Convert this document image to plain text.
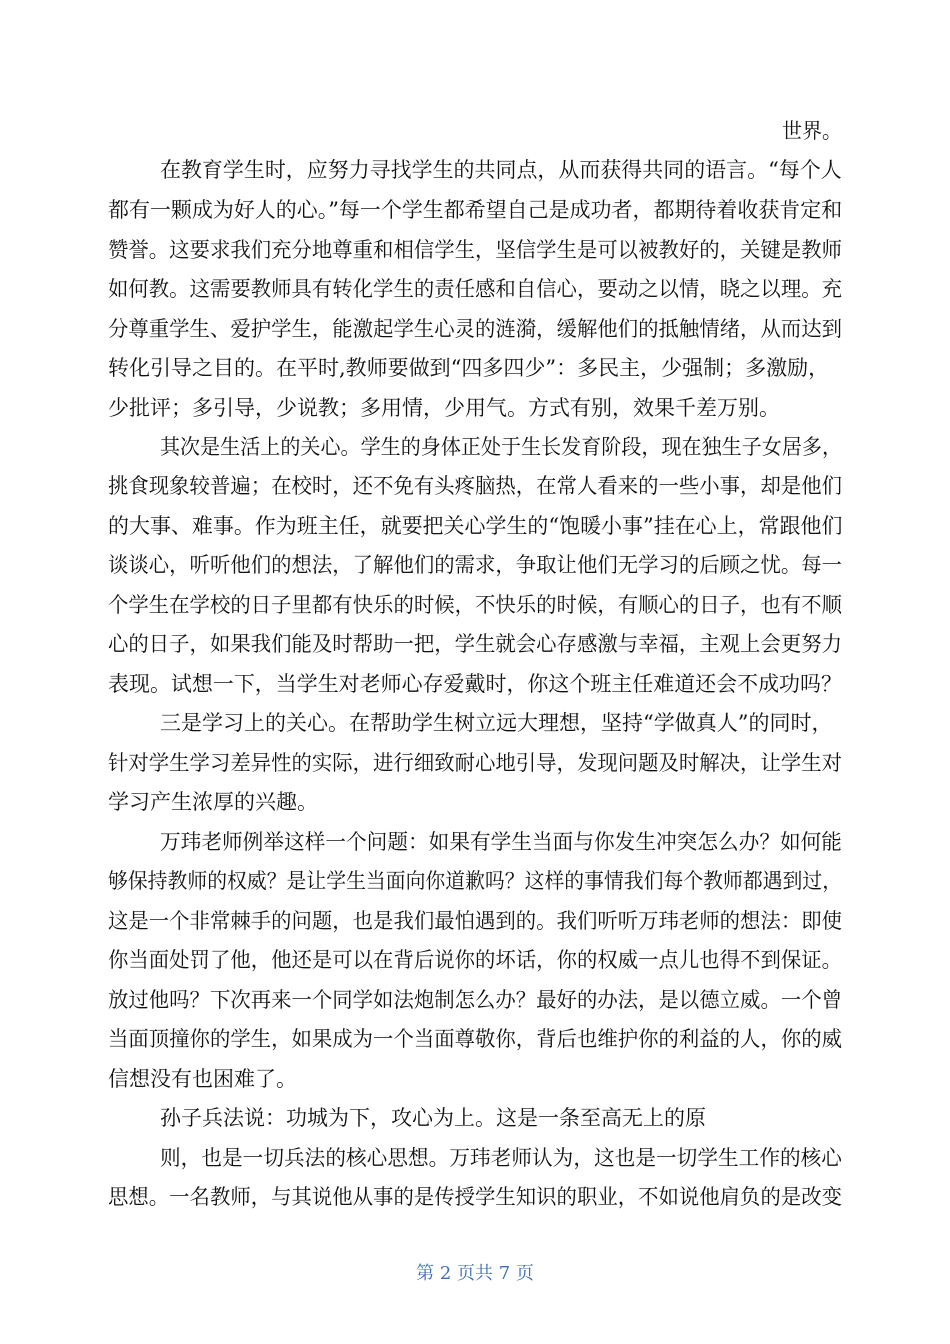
世界。
在教育学生时，应努力寻找学生的共同点，从而获得共同的语言。“每个人
都有一颗成为好人的心。”每一个学生都希望自己是成功者，都期待着收获肯定和
赞誉。这要求我们充分地尊重和相信学生，坚信学生是可以被教好的，关键是教师
如何教。这需要教师具有转化学生的责任感和自信心，要动之以情，晓之以理。充
分尊重学生、爱护学生，能激起学生心灵的涟漪，缓解他们的抵触情绪，从而达到
转化引导之目的。在平时,教师要做到“四多四少”：多民主，少强制；多激励，
少批评；多引导，少说教；多用情，少用气。方式有别，效果千差万别。
其次是生活上的关心。学生的身体正处于生长发育阶段，现在独生子女居多，
挑食现象较普遍；在校时，还不免有头疼脑热，在常人看来的一些小事，却是他们
的大事、难事。作为班主任，就要把关心学生的“饱暖小事”挂在心上，常跟他们
谈谈心，听听他们的想法，了解他们的需求，争取让他们无学习的后顾之忧。每一
个学生在学校的日子里都有快乐的时候，不快乐的时候，有顺心的日子，也有不顺
心的日子，如果我们能及时帮助一把，学生就会心存感激与幸福，主观上会更努力
表现。试想一下，当学生对老师心存爱戴时，你这个班主任难道还会不成功吗？
三是学习上的关心。在帮助学生树立远大理想，坚持“学做真人”的同时，
针对学生学习差异性的实际，进行细致耐心地引导，发现问题及时解决，让学生对
学习产生浓厚的兴趣。
万玮老师例举这样一个问题：如果有学生当面与你发生冲突怎么办？如何能
够保持教师的权威？是让学生当面向你道歉吗？这样的事情我们每个教师都遇到过，
这是一个非常棘手的问题，也是我们最怕遇到的。我们听听万玮老师的想法：即使
你当面处罚了他，他还是可以在背后说你的坏话，你的权威一点儿也得不到保证。
放过他吗？下次再来一个同学如法炮制怎么办？最好的办法，是以德立威。一个曾
当面顶撞你的学生，如果成为一个当面尊敬你，背后也维护你的利益的人，你的威
信想没有也困难了。
孙子兵法说：功城为下，攻心为上。这是一条至高无上的原
则，也是一切兵法的核心思想。万玮老师认为，这也是一切学生工作的核心
思想。一名教师，与其说他从事的是传授学生知识的职业，不如说他肩负的是改变
第 2 页共 7 页
